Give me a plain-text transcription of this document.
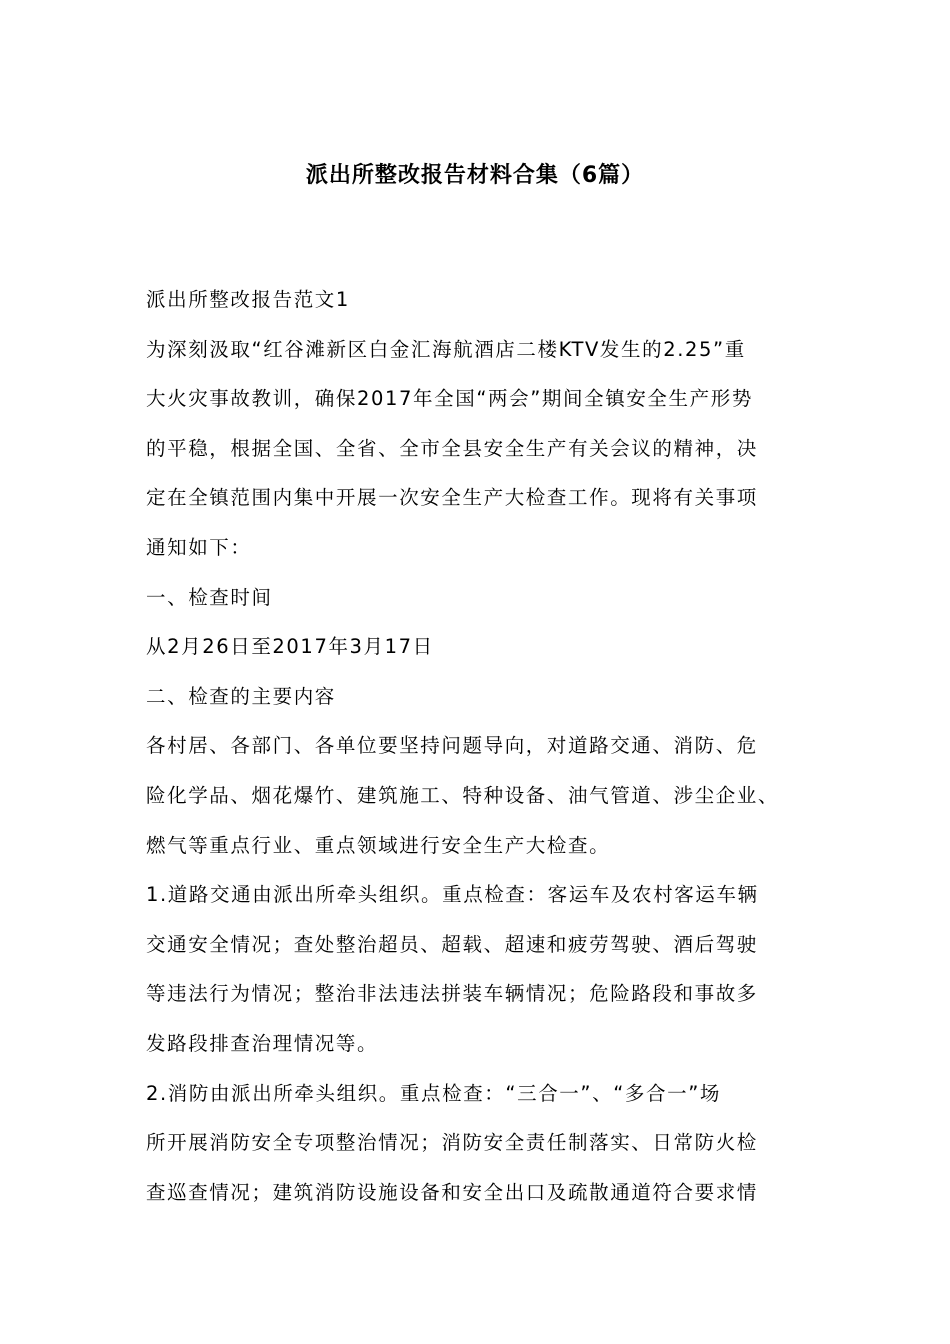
派出所整改报告材料合集（6篇）
派出所整改报告范文1
为深刻汲取“红谷滩新区白金汇海航酒店二楼KTV发生的2.25”重
大火灾事故教训，确保2017年全国“两会”期间全镇安全生产形势
的平稳，根据全国、全省、全市全县安全生产有关会议的精神，决
定在全镇范围内集中开展一次安全生产大检查工作。现将有关事项
通知如下：
一、检查时间
从2月26日至2017年3月17日
二、检查的主要内容
各村居、各部门、各单位要坚持问题导向，对道路交通、消防、危
险化学品、烟花爆竹、建筑施工、特种设备、油气管道、涉尘企业、
燃气等重点行业、重点领域进行安全生产大检查。
1.道路交通由派出所牵头组织。重点检查：客运车及农村客运车辆
交通安全情况；查处整治超员、超载、超速和疲劳驾驶、酒后驾驶
等违法行为情况；整治非法违法拼装车辆情况；危险路段和事故多
发路段排查治理情况等。
2.消防由派出所牵头组织。重点检查：“三合一”、“多合一”场
所开展消防安全专项整治情况；消防安全责任制落实、日常防火检
查巡查情况；建筑消防设施设备和安全出口及疏散通道符合要求情
